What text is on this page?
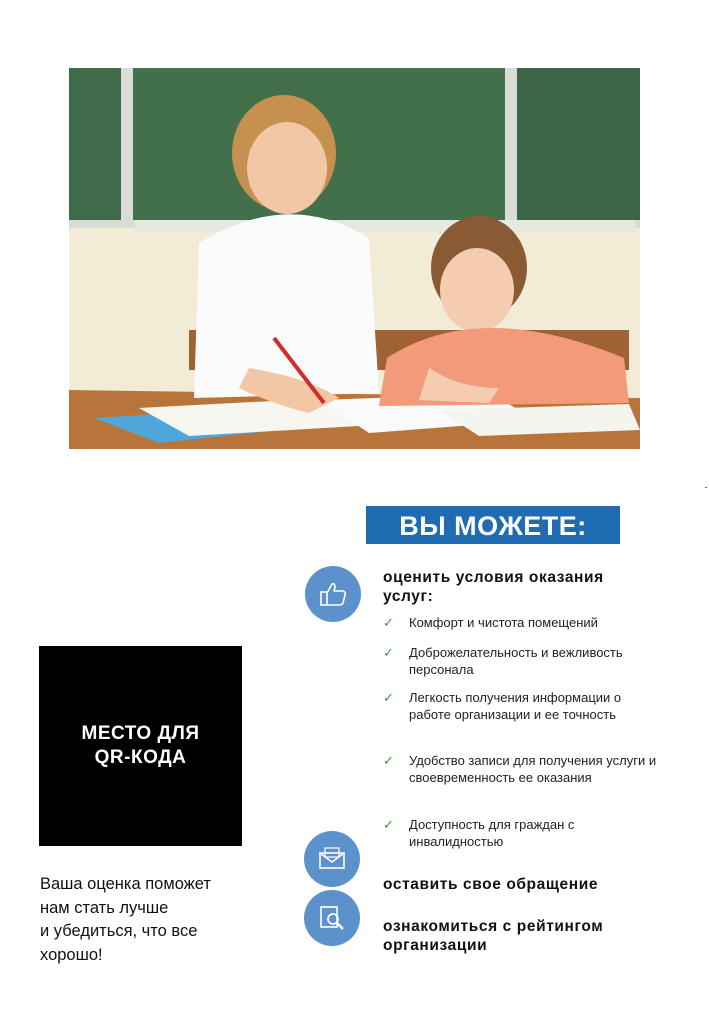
ВЫ МОЖЕТЕ:
оценить условия оказания услуг:
✓ Комфорт и чистота помещений
✓ Доброжелательность и вежливость персонала
✓ Легкость получения информации о работе организации и ее точность
✓ Удобство записи для получения услуги и своевременность ее оказания
✓ Доступность для граждан с инвалидностью
оставить свое обращение
ознакомиться с рейтингом организации
МЕСТО ДЛЯ QR-КОДА
Ваша оценка поможет
нам стать лучше
и убедиться, что все
хорошо!
